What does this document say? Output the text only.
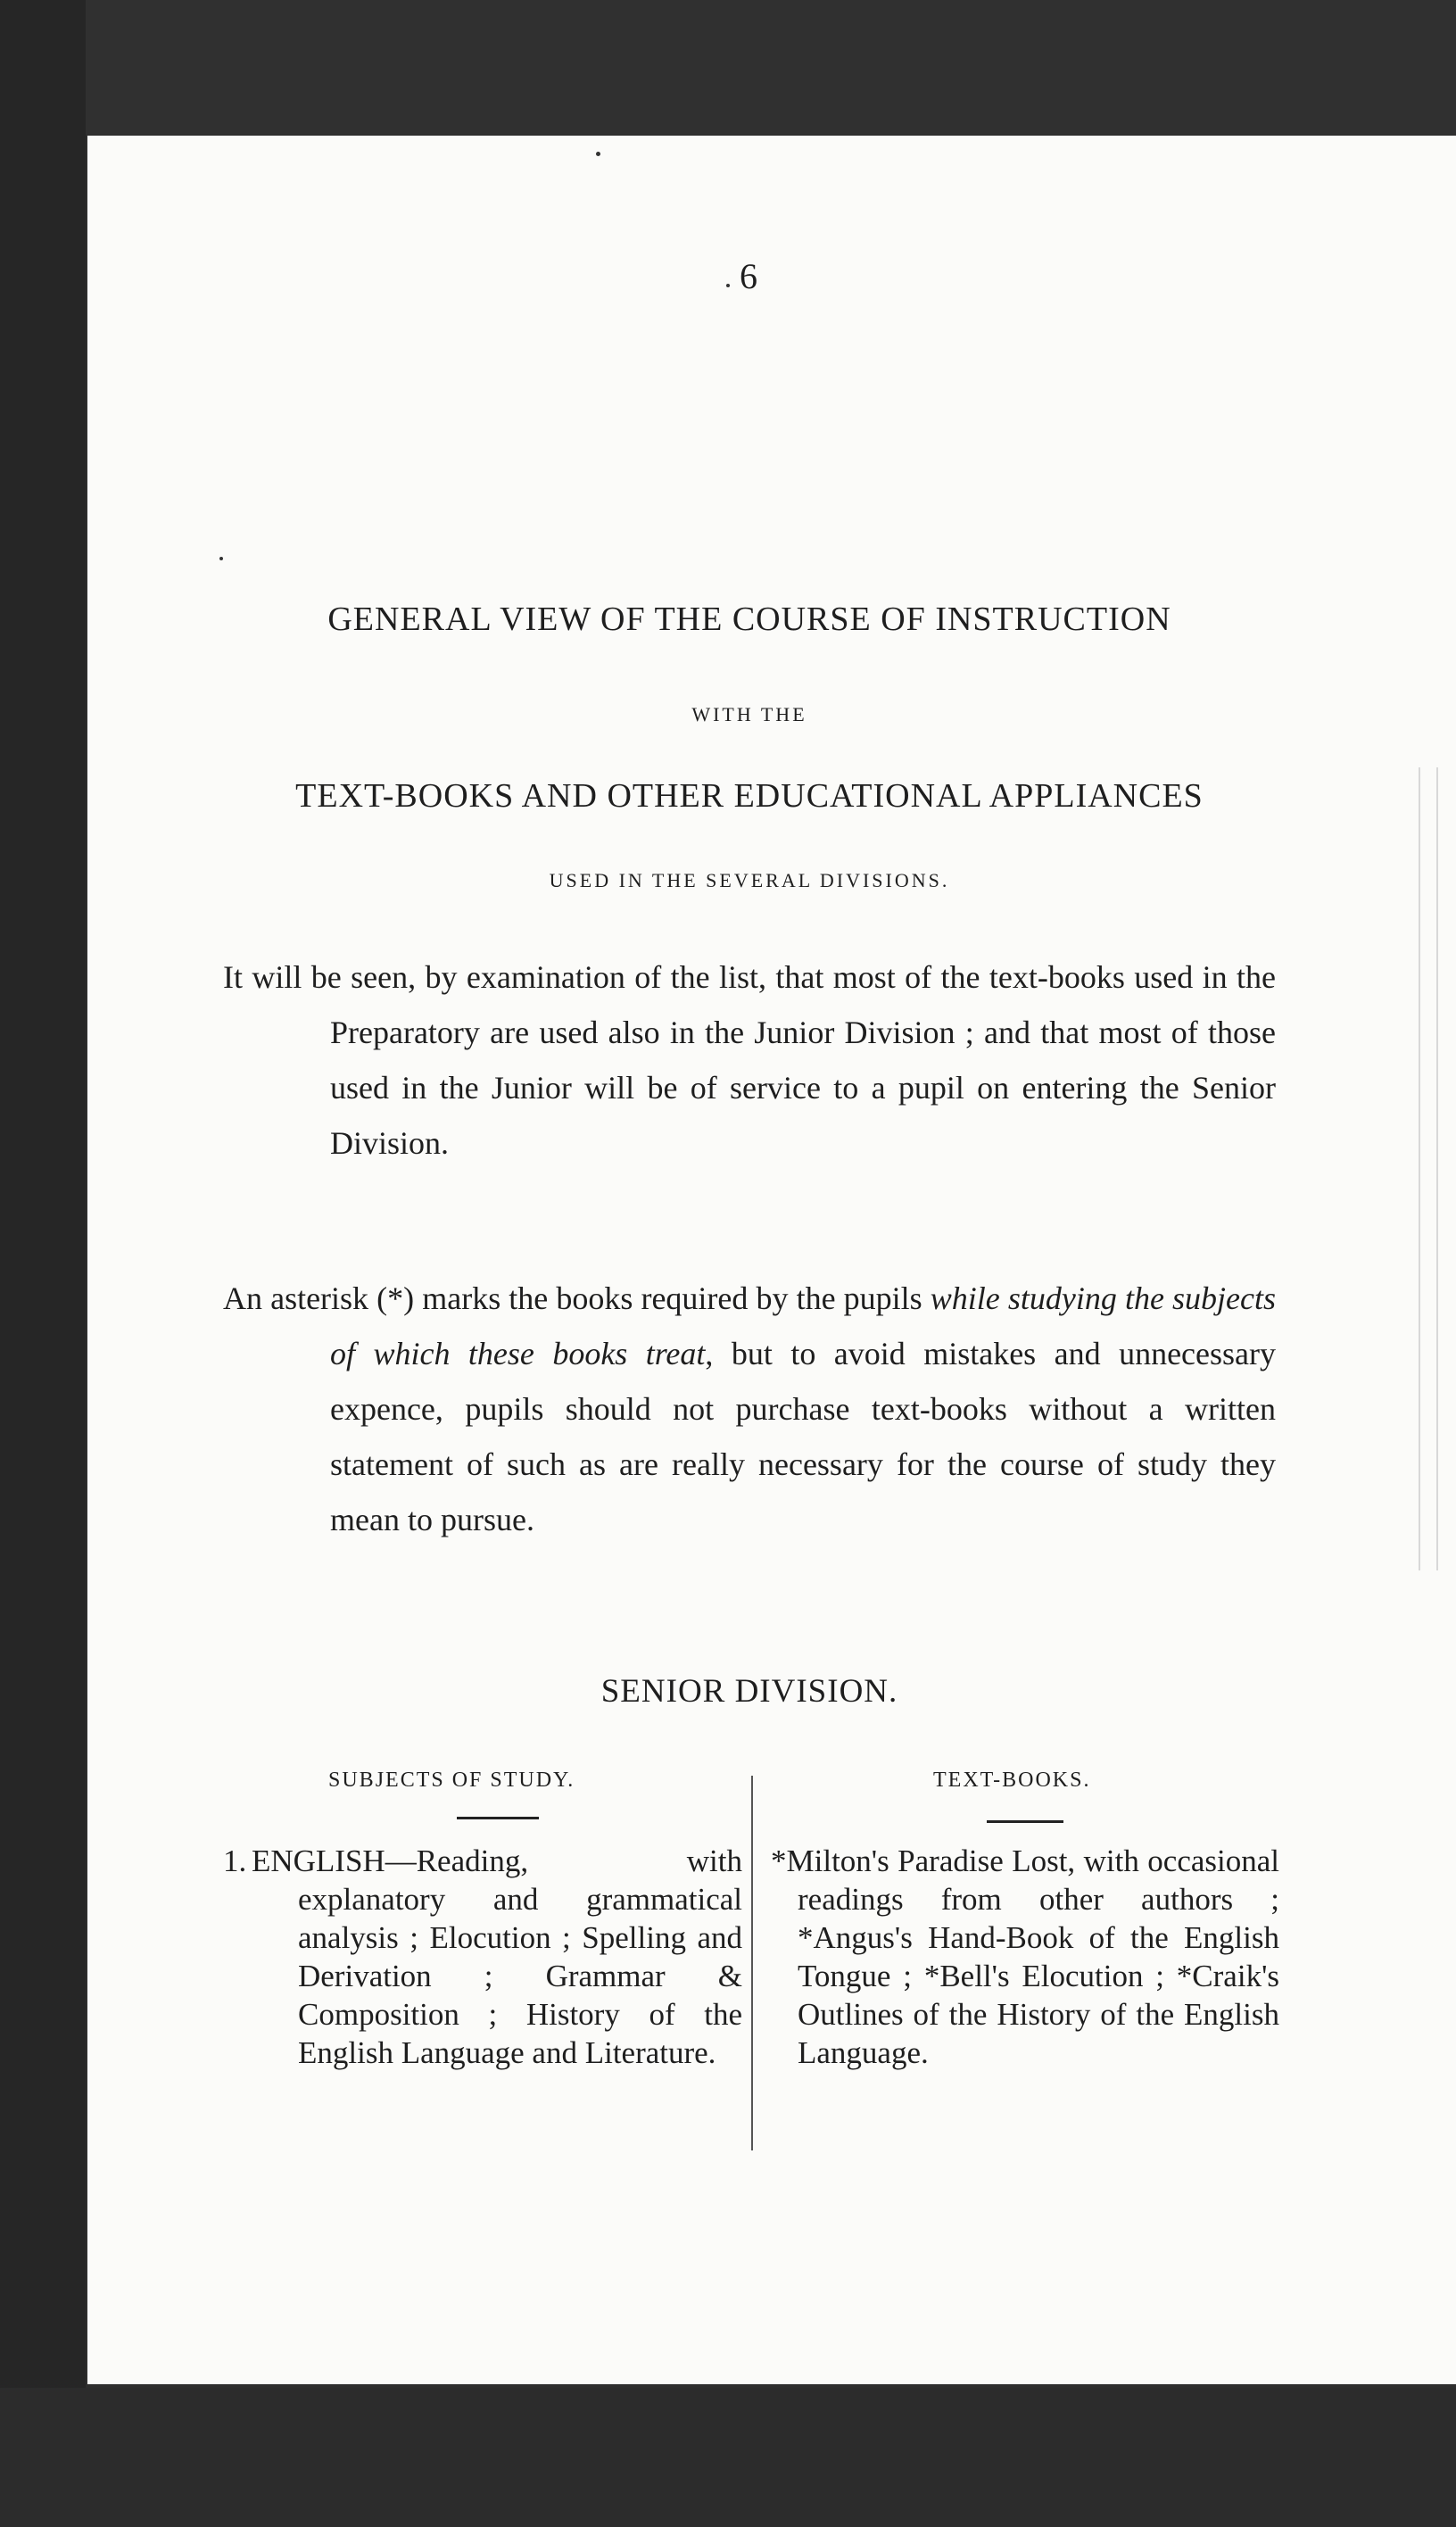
6
GENERAL VIEW OF THE COURSE OF INSTRUCTION
WITH THE
TEXT-BOOKS AND OTHER EDUCATIONAL APPLIANCES
USED IN THE SEVERAL DIVISIONS.
It will be seen, by examination of the list, that most of the text-books used in the Preparatory are used also in the Junior Division ; and that most of those used in the Junior will be of service to a pupil on entering the Senior Division.
An asterisk (*) marks the books required by the pupils while studying the subjects of which these books treat, but to avoid mistakes and unnecessary expence, pupils should not purchase text-books without a written statement of such as are really necessary for the course of study they mean to pursue.
SENIOR DIVISION.
SUBJECTS OF STUDY.	TEXT-BOOKS.
1. ENGLISH—Reading, with explanatory and grammatical analysis ; Elocution ; Spelling and Derivation ; Grammar & Composition ; History of the English Language and Literature.
*Milton's Paradise Lost, with occasional readings from other authors ; *Angus's Hand-Book of the English Tongue ; *Bell's Elocution ; *Craik's Outlines of the History of the English Language.
